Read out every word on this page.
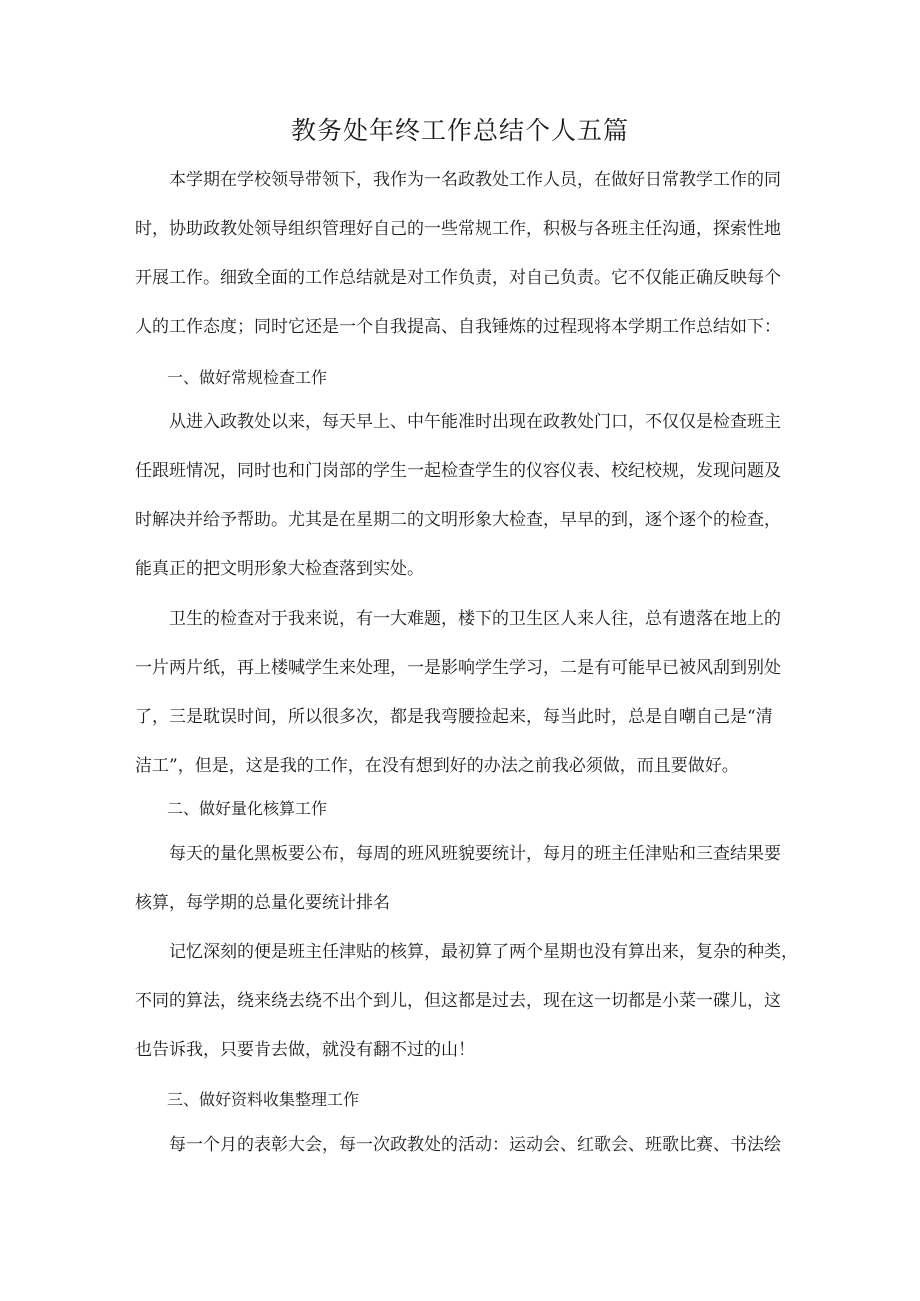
教务处年终工作总结个人五篇

本学期在学校领导带领下，我作为一名政教处工作人员，在做好日常教学工作的同
时，协助政教处领导组织管理好自己的一些常规工作，积极与各班主任沟通，探索性地
开展工作。细致全面的工作总结就是对工作负责，对自己负责。它不仅能正确反映每个
人的工作态度；同时它还是一个自我提高、自我锤炼的过程现将本学期工作总结如下：

一、做好常规检查工作

从进入政教处以来，每天早上、中午能准时出现在政教处门口，不仅仅是检查班主
任跟班情况，同时也和门岗部的学生一起检查学生的仪容仪表、校纪校规，发现问题及
时解决并给予帮助。尤其是在星期二的文明形象大检查，早早的到，逐个逐个的检查，
能真正的把文明形象大检查落到实处。

卫生的检查对于我来说，有一大难题，楼下的卫生区人来人往，总有遗落在地上的
一片两片纸，再上楼喊学生来处理，一是影响学生学习，二是有可能早已被风刮到别处
了，三是耽误时间，所以很多次，都是我弯腰捡起来，每当此时，总是自嘲自己是“清
洁工”，但是，这是我的工作，在没有想到好的办法之前我必须做，而且要做好。

二、做好量化核算工作

每天的量化黑板要公布，每周的班风班貌要统计，每月的班主任津贴和三查结果要
核算，每学期的总量化要统计排名

记忆深刻的便是班主任津贴的核算，最初算了两个星期也没有算出来，复杂的种类，
不同的算法，绕来绕去绕不出个到儿，但这都是过去，现在这一切都是小菜一碟儿，这
也告诉我，只要肯去做，就没有翻不过的山！

三、做好资料收集整理工作

每一个月的表彰大会，每一次政教处的活动：运动会、红歌会、班歌比赛、书法绘
